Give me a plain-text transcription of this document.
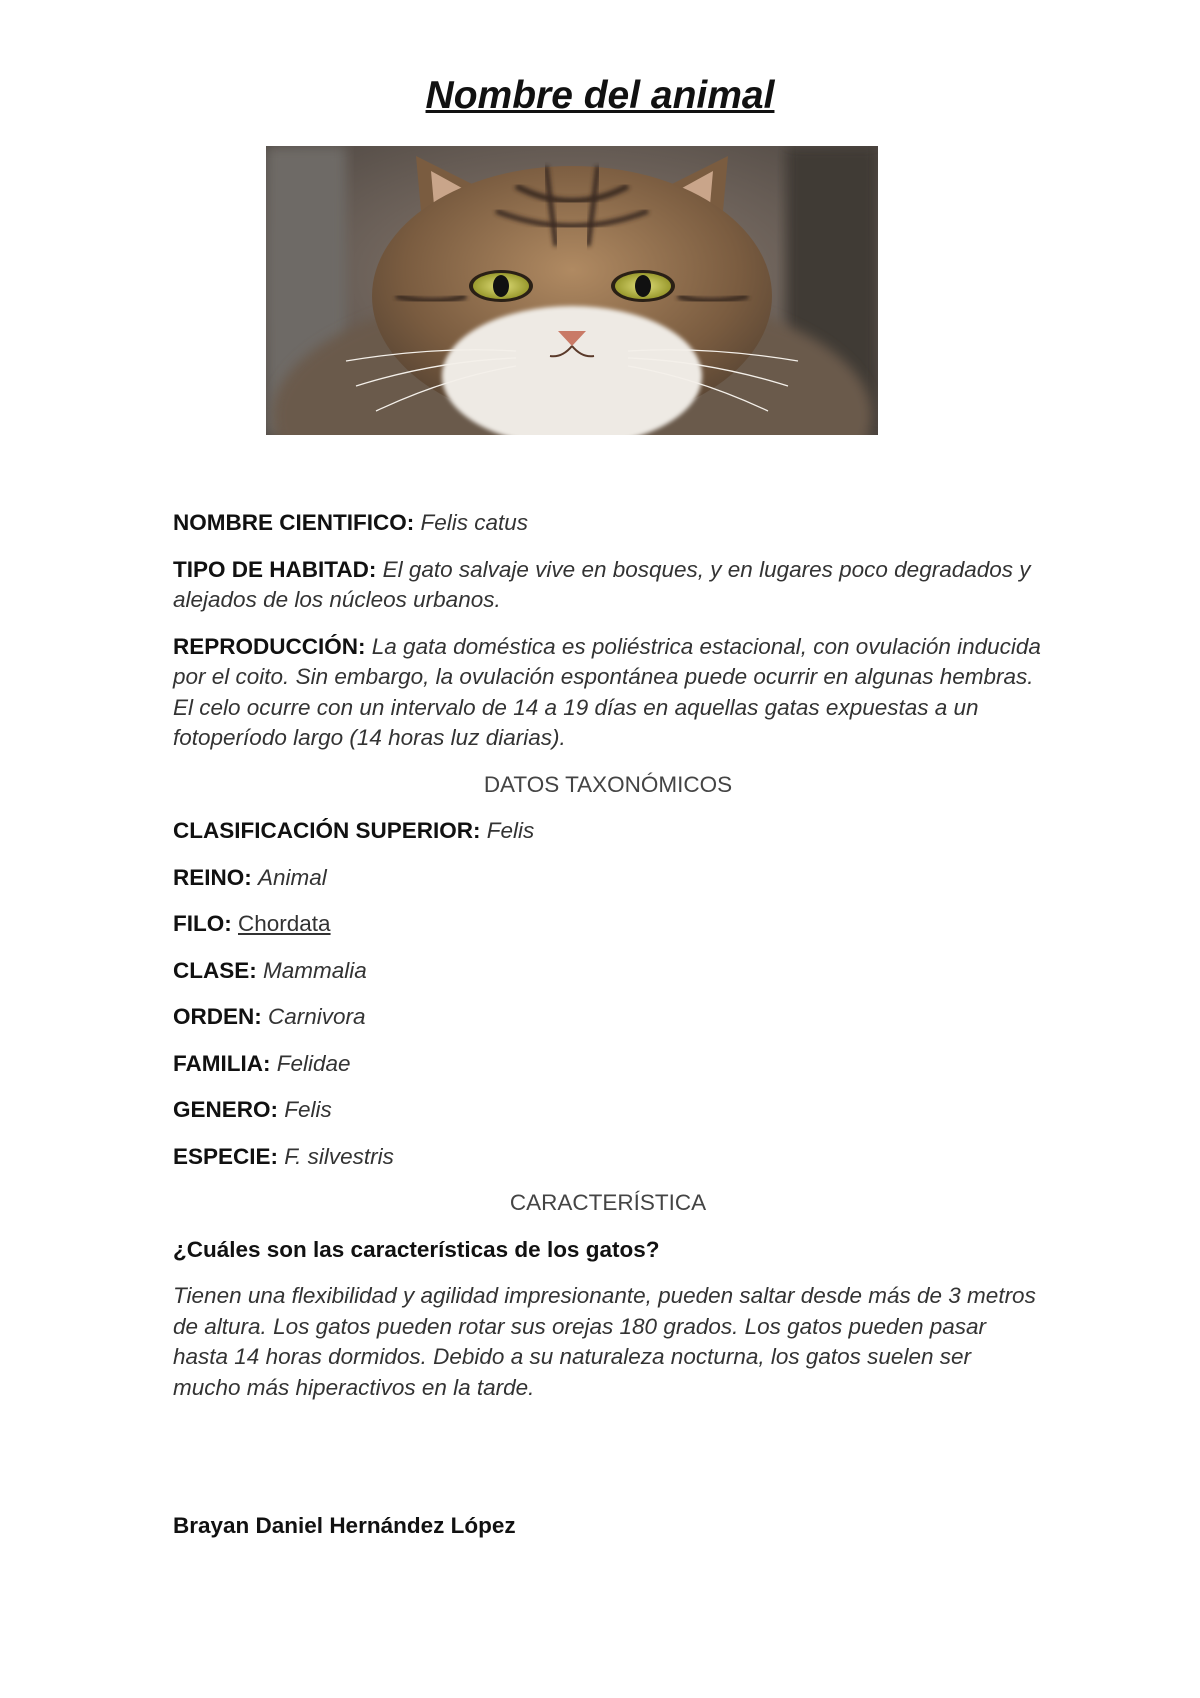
Nombre del animal

NOMBRE CIENTIFICO: Felis catus

TIPO DE HABITAD: El gato salvaje vive en bosques, y en lugares poco degradados y alejados de los núcleos urbanos.

REPRODUCCIÓN: La gata doméstica es poliéstrica estacional, con ovulación inducida por el coito. Sin embargo, la ovulación espontánea puede ocurrir en algunas hembras. El celo ocurre con un intervalo de 14 a 19 días en aquellas gatas expuestas a un fotoperíodo largo (14 horas luz diarias).

DATOS TAXONÓMICOS

CLASIFICACIÓN SUPERIOR: Felis

REINO: Animal

FILO: Chordata

CLASE: Mammalia

ORDEN: Carnivora

FAMILIA: Felidae

GENERO: Felis

ESPECIE: F. silvestris

CARACTERÍSTICA

¿Cuáles son las características de los gatos?

Tienen una flexibilidad y agilidad impresionante, pueden saltar desde más de 3 metros de altura. Los gatos pueden rotar sus orejas 180 grados. Los gatos pueden pasar hasta 14 horas dormidos. Debido a su naturaleza nocturna, los gatos suelen ser mucho más hiperactivos en la tarde.

Brayan Daniel Hernández López
